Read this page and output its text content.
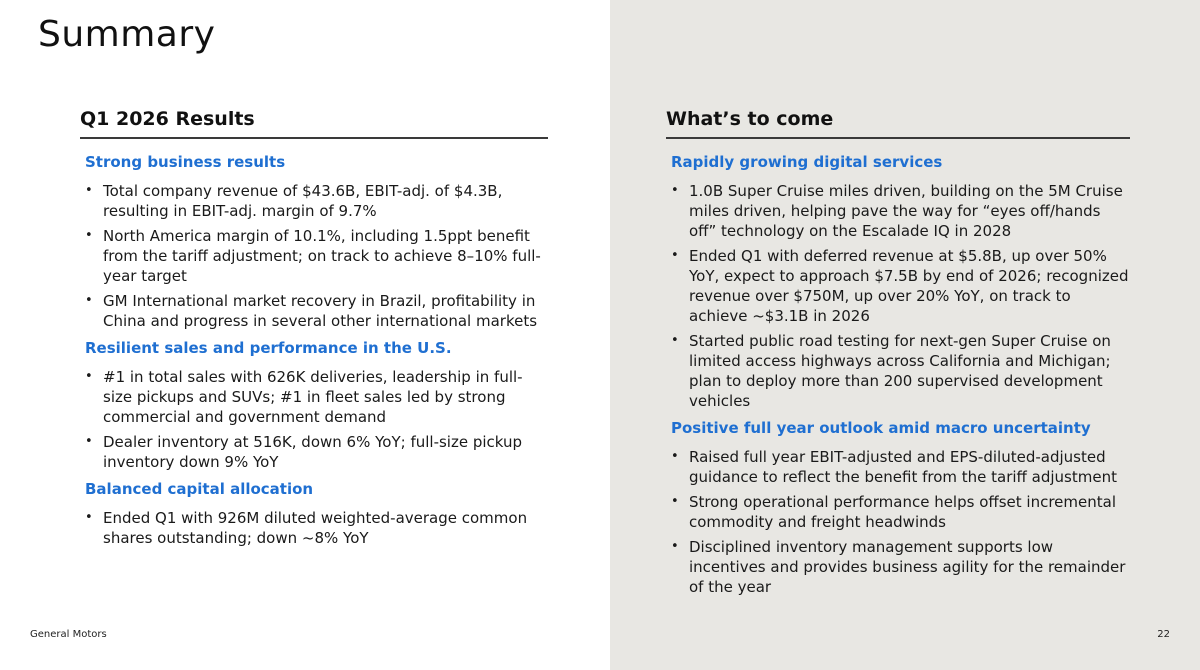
Summary
Q1 2026 Results
Strong business results
• Total company revenue of $43.6B, EBIT-adj. of $4.3B, resulting in EBIT-adj. margin of 9.7%
• North America margin of 10.1%, including 1.5ppt benefit from the tariff adjustment; on track to achieve 8–10% full-year target
• GM International market recovery in Brazil, profitability in China and progress in several other international markets
Resilient sales and performance in the U.S.
• #1 in total sales with 626K deliveries, leadership in full-size pickups and SUVs; #1 in fleet sales led by strong commercial and government demand
• Dealer inventory at 516K, down 6% YoY; full-size pickup inventory down 9% YoY
Balanced capital allocation
• Ended Q1 with 926M diluted weighted-average common shares outstanding; down ~8% YoY
What’s to come
Rapidly growing digital services
• 1.0B Super Cruise miles driven, building on the 5M Cruise miles driven, helping pave the way for “eyes off/hands off” technology on the Escalade IQ in 2028
• Ended Q1 with deferred revenue at $5.8B, up over 50% YoY, expect to approach $7.5B by end of 2026; recognized revenue over $750M, up over 20% YoY, on track to achieve ~$3.1B in 2026
• Started public road testing for next-gen Super Cruise on limited access highways across California and Michigan; plan to deploy more than 200 supervised development vehicles
Positive full year outlook amid macro uncertainty
• Raised full year EBIT-adjusted and EPS-diluted-adjusted guidance to reflect the benefit from the tariff adjustment
• Strong operational performance helps offset incremental commodity and freight headwinds
• Disciplined inventory management supports low incentives and provides business agility for the remainder of the year
General Motors	22
